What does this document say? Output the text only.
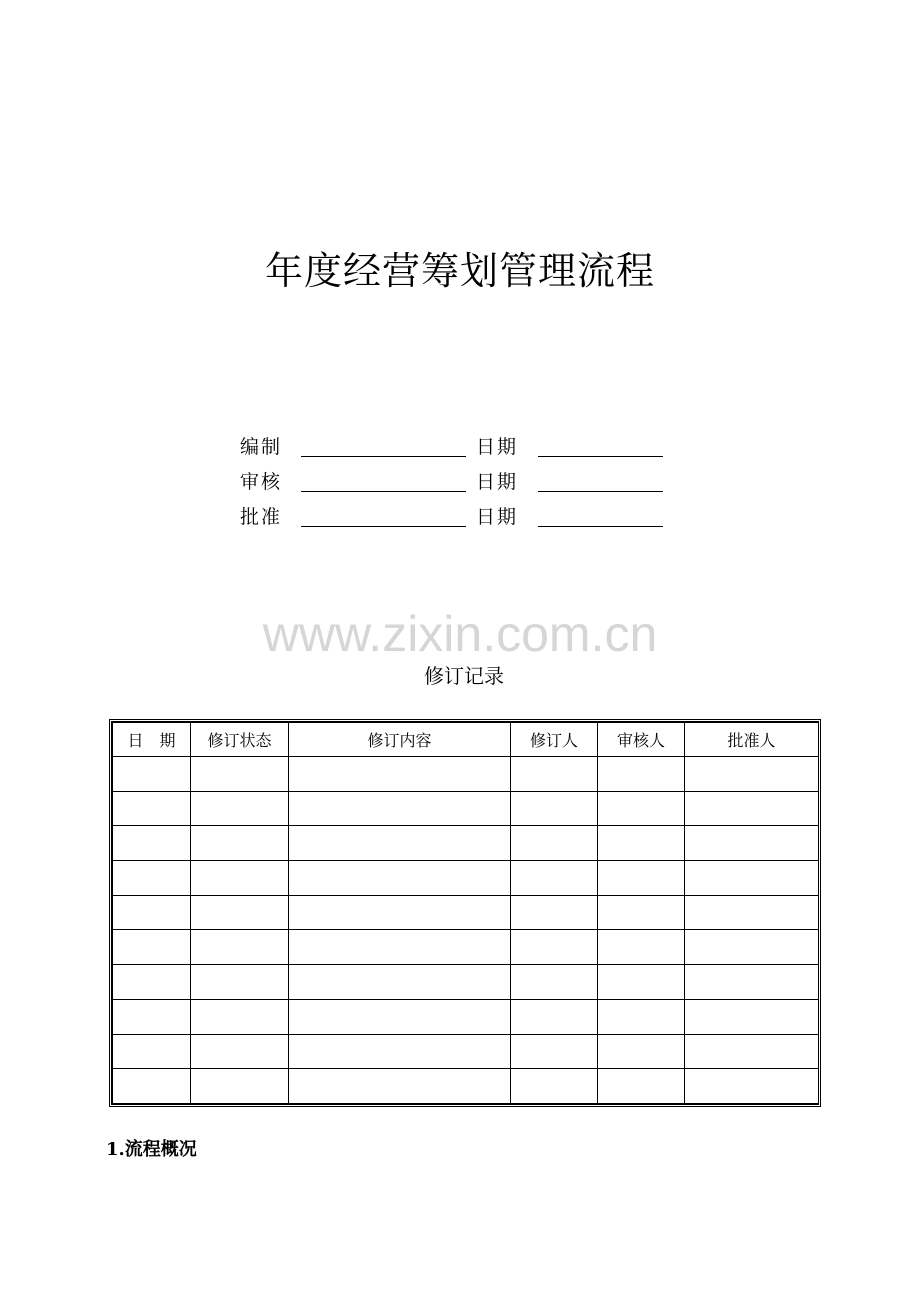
年度经营筹划管理流程
编制	日期
审核	日期
批准	日期
www.zixin.com.cn
修订记录
日　期	修订状态	修订内容	修订人	审核人	批准人

1.流程概况
